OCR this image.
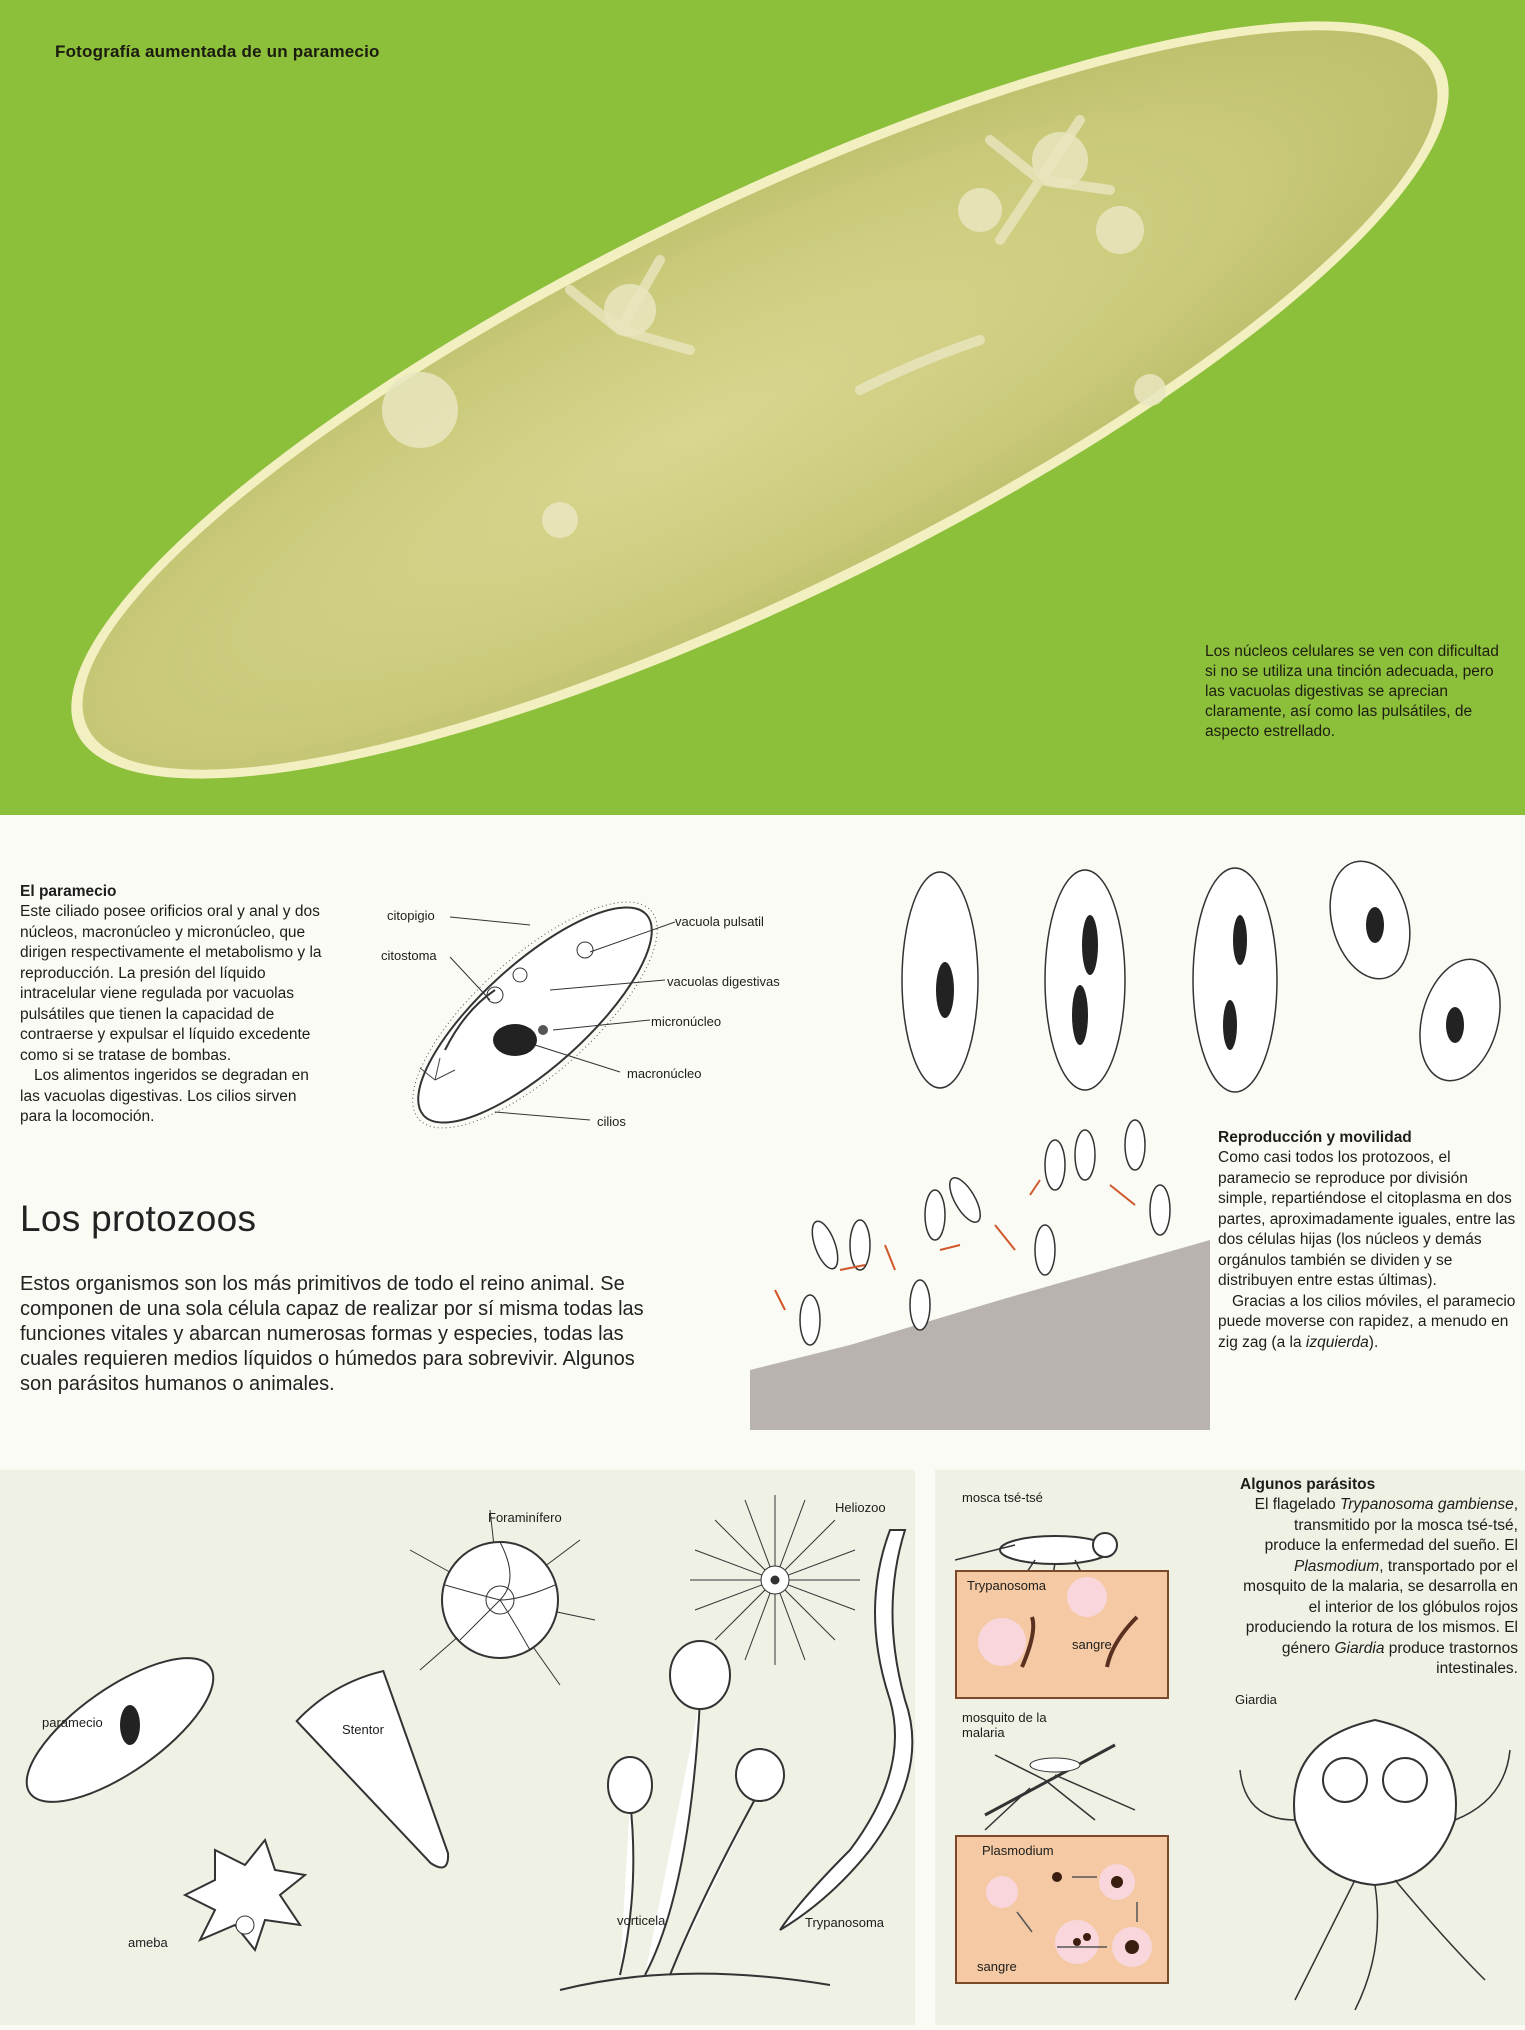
Fotografía aumentada de un paramecio
Los núcleos celulares se ven con dificultad si no se utiliza una tinción adecuada, pero las vacuolas digestivas se aprecian claramente, así como las pulsátiles, de aspecto estrellado.
El paramecio
Este ciliado posee orificios oral y anal y dos núcleos, macronúcleo y micronúcleo, que dirigen respectivamente el metabolismo y la reproducción. La presión del líquido intracelular viene regulada por vacuolas pulsátiles que tienen la capacidad de contraerse y expulsar el líquido excedente como si se tratase de bombas.
Los alimentos ingeridos se degradan en las vacuolas digestivas. Los cilios sirven para la locomoción.
citopigio
citostoma
vacuola pulsatil
vacuolas digestivas
micronúcleo
macronúcleo
cilios
Los protozoos
Estos organismos son los más primitivos de todo el reino animal. Se componen de una sola célula capaz de realizar por sí misma todas las funciones vitales y abarcan numerosas formas y especies, todas las cuales requieren medios líquidos o húmedos para sobrevivir. Algunos son parásitos humanos o animales.
Reproducción y movilidad
Como casi todos los protozoos, el paramecio se reproduce por división simple, repartiéndose el citoplasma en dos partes, aproximadamente iguales, entre las dos células hijas (los núcleos y demás orgánulos también se dividen y se distribuyen entre estas últimas).
Gracias a los cilios móviles, el paramecio puede moverse con rapidez, a menudo en zig zag (a la izquierda).
Foraminífero
Heliozoo
paramecio	Stentor
ameba
vorticela	Trypanosoma
mosca tsé-tsé
Trypanosoma
sangre
mosquito de la malaria
Plasmodium
sangre
Algunos parásitos
El flagelado Trypanosoma gambiense, transmitido por la mosca tsé-tsé, produce la enfermedad del sueño. El Plasmodium, transportado por el mosquito de la malaria, se desarrolla en el interior de los glóbulos rojos produciendo la rotura de los mismos. El género Giardia produce trastornos intestinales.
Giardia
